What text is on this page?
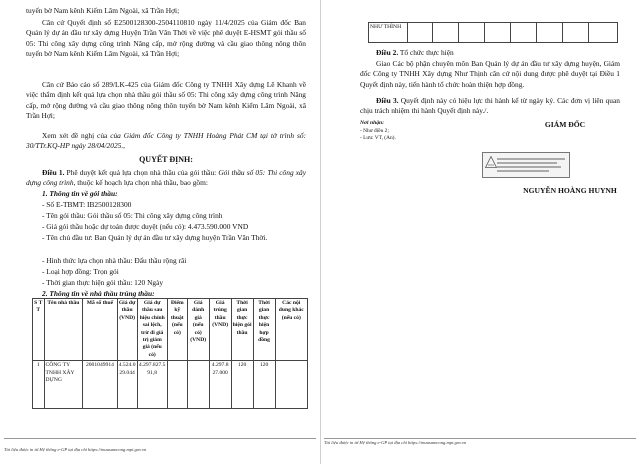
tuyến bờ Nam kênh Kiểm Lâm Ngoài, xã Trần Hợi;
Căn cứ Quyết định số E2500128300-2504110810 ngày 11/4/2025 của Giám đốc Ban Quản lý dự án đầu tư xây dựng Huyện Trần Văn Thời về việc phê duyệt E-HSMT gói thầu số 05: Thi công xây dựng công trình Nâng cấp, mở rộng đường và cầu giao thông nông thôn tuyến bờ Nam kênh Kiểm Lâm Ngoài, xã Trần Hợi;
Căn cứ Báo cáo số 289/LK-425 của Giám đốc Công ty TNHH Xây dựng Lê Khanh về việc thẩm định kết quả lựa chọn nhà thầu gói thầu số 05: Thi công xây dựng công trình Nâng cấp, mở rộng đường và cầu giao thông nông thôn tuyến bờ Nam kênh Kiểm Lâm Ngoài, xã Trần Hợi;
Xem xét đề nghị của của Giám đốc Công ty TNHH Hoàng Phát CM tại tờ trình số: 30/TTr.KQ-HP ngày 28/04/2025.,
QUYẾT ĐỊNH:
Điều 1. Phê duyệt kết quả lựa chọn nhà thầu của gói thầu: Gói thầu số 05: Thi công xây dựng công trình, thuộc kế hoạch lựa chọn nhà thầu, bao gồm:
1. Thông tin về gói thầu:
- Số E-TBMT: IB2500128300
- Tên gói thầu: Gói thầu số 05: Thi công xây dựng công trình
- Giá gói thầu hoặc dự toán được duyệt (nếu có): 4.473.590.000 VND
- Tên chủ đầu tư: Ban Quản lý dự án đầu tư xây dựng huyện Trần Văn Thời.
- Hình thức lựa chọn nhà thầu: Đấu thầu rộng rãi
- Loại hợp đồng: Trọn gói
- Thời gian thực hiện gói thầu: 120 Ngày
2. Thông tin về nhà thầu trúng thầu:
S T T	Tên nhà thầu	Mã số thuế	Giá dự thầu (VND)	Giá dự thầu sau hiệu chỉnh sai lệch, trừ đi giá trị giảm giá (nếu có)	Điểm kỹ thuật (nếu có)	Giá đánh giá (nếu có) (VND)	Giá trúng thầu (VND)	Thời gian thực hiện gói thầu	Thời gian thực hiện hợp đồng	Các nội dung khác (nếu có)
1	CÔNG TY TNHH XÂY DỰNG	2001049914	4.524.029.044	4.297.827.591,8			4.297.827.000	120	120	
Tài liệu được in từ Hệ thống e-GP tại địa chỉ https://muasamcong.mpi.gov.vn
NHƯ THÌNH								
Điều 2. Tổ chức thực hiện
Giao Các bộ phận chuyên môn Ban Quản lý dự án đầu tư xây dựng huyện, Giám đốc Công ty TNHH Xây dựng Như Thịnh căn cứ nội dung được phê duyệt tại Điều 1 Quyết định này, tiến hành tổ chức hoàn thiện hợp đồng.
Điều 3. Quyết định này có hiệu lực thi hành kể từ ngày ký. Các đơn vị liên quan chịu trách nhiệm thi hành Quyết định này./.
Nơi nhận:
- Như điều 2;
- Lưu: VT, (An).
GIÁM ĐỐC
NGUYỄN HOÀNG HUYNH
Tài liệu được in từ Hệ thống e-GP tại địa chỉ https://muasamcong.mpi.gov.vn
